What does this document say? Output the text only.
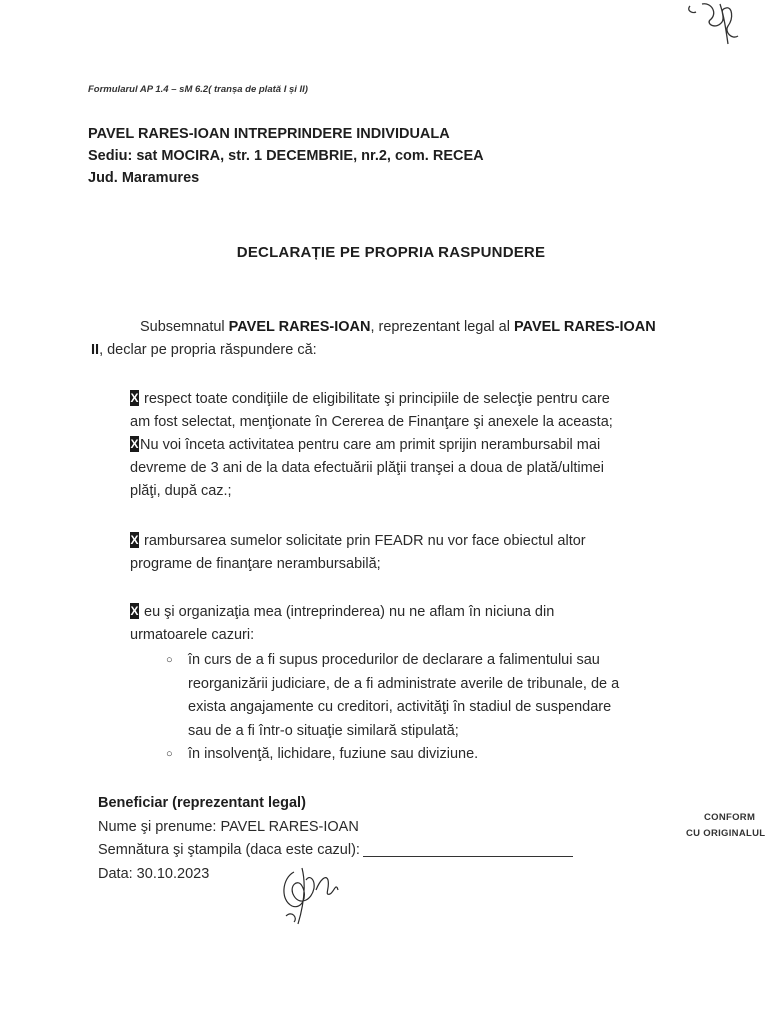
Formularul AP 1.4 – sM 6.2( tranșa de plată I și II)
PAVEL RARES-IOAN INTREPRINDERE INDIVIDUALA
Sediu: sat MOCIRA, str. 1 DECEMBRIE, nr.2, com. RECEA
Jud. Maramures
DECLARAȚIE PE PROPRIA RASPUNDERE
Subsemnatul PAVEL RARES-IOAN, reprezentant legal al PAVEL RARES-IOAN
II, declar pe propria răspundere că:
X respect toate condiţiile de eligibilitate şi principiile de selecţie pentru care
am fost selectat, menţionate în Cererea de Finanţare şi anexele la aceasta;
X Nu voi înceta activitatea pentru care am primit sprijin nerambursabil mai
devreme de 3 ani de la data efectuării plăţii tranşei a doua de plată/ultimei
plăţi, după caz.;
X rambursarea sumelor solicitate prin FEADR nu vor face obiectul altor
programe de finanţare nerambursabilă;
X eu şi organizaţia mea (intreprinderea) nu ne aflam în niciuna din
urmatoarele cazuri:
○ în curs de a fi supus procedurilor de declarare a falimentului sau
reorganizării judiciare, de a fi administrate averile de tribunale, de a
exista angajamente cu creditori, activităţi în stadiul de suspendare
sau de a fi într-o situaţie similară stipulată;
○ în insolvenţă, lichidare, fuziune sau diviziune.
Beneficiar (reprezentant legal)
Nume şi prenume: PAVEL RARES-IOAN
Semnătura şi ştampila (daca este cazul):
Data: 30.10.2023
CONFORM
CU ORIGINALUL
